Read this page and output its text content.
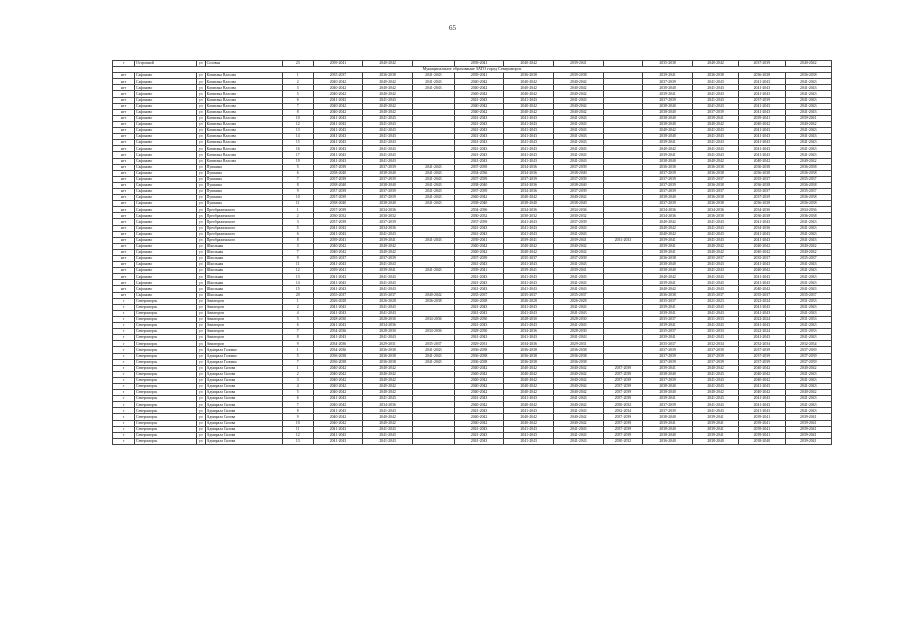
65
г	Островной	ул	Соловья	23	2039-2041	2040-2042		2039-2041	2040-2042	2039-2041		2035-2038	2040-2042	2037-2039	2040-2042
Муниципальное образование ЗАТО город Североморск															
нгт	Сафоново	ул	Капитана Власова	1	2035-2037	2036-2038	2041-2043	2039-2041	2036-2038	2039-2038		2039-2041	2036-2038	2036-2038	2036-2038
нгт	Сафоново	ул	Капитана Власова	2	2040-2042	2040-2042	2041-2043	2040-2042	2040-2042	2040-2042		2037-2039	2041-2043	2041-2043	2041-2043
нгт	Сафоново	ул	Капитана Власова	3	2040-2042	2040-2042	2041-2043	2040-2042	2040-2042	2040-2042		2038-2040	2041-2043	2041-2043	2041-2043
нгт	Сафоново	ул	Капитана Власова	5	2040-2042	2040-2042		2040-2042	2040-2042	2040-2042		2039-2041	2041-2043	2041-2043	2041-2043
нгт	Сафоново	ул	Капитана Власова	6	2041-2043	2041-2043		2041-2043	2041-2043	2041-2043		2037-2039	2041-2043	2037-2039	2041-2043
нгт	Сафоново	ул	Капитана Власова	7	2040-2042	2040-2042		2040-2042	2040-2042	2040-2042		2038-2040	2041-2043	2041-2043	2041-2043
нгт	Сафоново	ул	Капитана Власова	8	2040-2042	2040-2042		2040-2042	2040-2042	2040-2042		2038-2040	2037-2039	2041-2043	2041-2043
нгт	Сафоново	ул	Капитана Власова	10	2041-2043	2041-2043		2041-2043	2041-2043	2041-2043		2038-2040	2039-2041	2039-2041	2039-2041
нгт	Сафоново	ул	Капитана Власова	12	2041-2043	2041-2043		2041-2043	2041-2043	2041-2043		2038-2040	2040-2042	2040-2042	2040-2042
нгт	Сафоново	ул	Капитана Власова	13	2041-2043	2041-2043		2041-2043	2041-2043	2041-2043		2040-2042	2041-2043	2041-2043	2041-2043
нгт	Сафоново	ул	Капитана Власова	14	2041-2043	2041-2043		2041-2043	2041-2043	2041-2043		2038-2040	2041-2043	2041-2043	2041-2043
нгт	Сафоново	ул	Капитана Власова	15	2041-2043	2041-2043		2041-2043	2041-2043	2041-2043		2039-2041	2041-2043	2041-2043	2041-2043
нгт	Сафоново	ул	Капитана Власова	16	2041-2043	2041-2043		2041-2043	2041-2043	2041-2043		2040-2042	2041-2043	2041-2043	2041-2043
нгт	Сафоново	ул	Капитана Власова	17	2041-2043	2041-2043		2041-2043	2041-2043	2041-2043		2039-2041	2041-2043	2041-2043	2041-2043
нгт	Сафоново	ул	Капитана Власова	19	2041-2043	2041-2043		2041-2043	2041-2043	2041-2043		2038-2040	2040-2042	2040-2042	2040-2042
нгт	Сафоново	ул	Пушкина	5	2037-2039	2037-2039	2041-2043	2037-2039	2034-2036	2037-2039		2036-2038	2036-2038	2036-2038	2036-2038
нгт	Сафоново	ул	Пушкина	6	2038-2040	2038-2040	2041-2043	2034-2036	2034-2036	2038-2040		2037-2039	2036-2038	2036-2038	2036-2038
нгт	Сафоново	ул	Пушкина	7	2037-2039	2037-2039	2041-2043	2037-2039	2037-2039	2037-2039		2037-2039	2035-2037	2035-2037	2035-2037
нгт	Сафоново	ул	Пушкина	8	2038-2040	2038-2040	2041-2043	2038-2040	2034-2036	2038-2040		2037-2039	2036-2038	2036-2038	2036-2038
нгт	Сафоново	ул	Пушкина	9	2037-2039	2037-2039	2041-2043	2037-2039	2034-2036	2037-2039		2037-2039	2035-2037	2035-2037	2035-2037
нгт	Сафоново	ул	Пушкина	10	2037-2039	2037-2039	2041-2043	2040-2042	2040-2042	2040-2042		2038-2040	2036-2038	2037-2039	2036-2038
нгт	Сафоново	ул	Пушкина	11	2038-2040	2038-2040	2041-2043	2038-2040	2038-2040	2038-2040		2037-2039	2036-2038	2036-2038	2036-2038
нгт	Сафоново	ул	Преображенского	1	2037-2039	2034-2036		2034-2036	2034-2036	2034-2036		2034-2036	2034-2036	2034-2036	2034-2036
нгт	Сафоново	ул	Преображенского	2	2030-2032	2030-2032		2030-2032	2030-2032	2030-2032		2034-2036	2036-2038	2036-2038	2036-2038
нгт	Сафоново	ул	Преображенского	3	2037-2039	2037-2039		2037-2039	2041-2043	2037-2039		2040-2042	2041-2043	2041-2043	2041-2043
нгт	Сафоново	ул	Преображенского	5	2041-2043	2034-2036		2041-2043	2041-2043	2041-2043		2040-2042	2041-2043	2034-2036	2041-2043
нгт	Сафоново	ул	Преображенского	6	2041-2043	2041-2043		2041-2043	2041-2043	2041-2043		2040-2042	2041-2043	2041-2043	2041-2043
нгт	Сафоново	ул	Преображенского	8	2039-2041	2039-2041	2041-2043	2039-2041	2039-2041	2039-2041	2031-2033	2039-2041	2041-2043	2041-2043	2041-2043
нгт	Сафоново	ул	Школьная	3	2040-2042	2040-2042		2040-2042	2040-2042	2040-2042		2039-2041	2040-2042	2040-2042	2040-2042
нгт	Сафоново	ул	Школьная	7	2040-2042	2040-2042		2040-2042	2040-2042	2040-2042		2039-2041	2040-2042	2040-2042	2040-2042
нгт	Сафоново	ул	Школьная	9	2035-2037	2037-2039		2037-2039	2035-2037	2037-2039		2036-2038	2035-2037	2035-2037	2035-2037
нгт	Сафоново	ул	Школьная	11	2041-2043	2041-2043		2041-2043	2041-2043	2041-2043		2038-2040	2041-2043	2041-2043	2041-2043
нгт	Сафоново	ул	Школьная	12	2039-2041	2039-2041	2041-2043	2039-2041	2039-2041	2039-2041		2038-2040	2041-2043	2040-2042	2041-2043
нгт	Сафоново	ул	Школьная	13	2041-2043	2041-2043		2041-2043	2041-2043	2041-2043		2040-2042	2041-2043	2041-2043	2041-2043
нгт	Сафоново	ул	Школьная	14	2041-2043	2041-2043		2041-2043	2041-2043	2041-2043		2039-2041	2041-2043	2041-2043	2041-2043
нгт	Сафоново	ул	Школьная	15	2041-2043	2041-2043		2041-2043	2041-2043	2041-2043		2040-2042	2041-2043	2040-2042	2041-2043
нгт	Сафоново	ул	Школьная	20	2035-2037	2035-2037	2040-2042	2035-2037	2035-2037	2035-2037		2036-2038	2035-2037	2035-2037	2035-2037
г	Североморск	ул	Авиаторов	1	2026-2028	2026-2028	2036-2038	2026-2028	2026-2028	2026-2028		2035-2037	2021-2023	2022-2024	2031-2033
г	Североморск	ул	Авиаторов	2	2041-2043	2041-2043		2041-2043	2041-2043	2041-2043		2039-2041	2041-2043	2041-2043	2041-2043
г	Североморск	ул	Авиаторов	4	2041-2043	2041-2043		2041-2043	2041-2043	2041-2043		2039-2041	2041-2043	2041-2043	2041-2043
г	Североморск	ул	Авиаторов	5	2028-2030	2028-2030	2034-2036	2028-2030	2028-2030	2028-2030		2035-2037	2031-2033	2022-2024	2031-2033
г	Североморск	ул	Авиаторов	6	2041-2043	2034-2036		2041-2043	2041-2043	2041-2043		2039-2041	2041-2043	2041-2043	2041-2043
г	Североморск	ул	Авиаторов	7	2034-2036	2028-2030	2034-2036	2028-2030	2034-2036	2028-2030		2035-2037	2031-2033	2022-2024	2031-2033
г	Североморск	ул	Авиаторов	8	2041-2043	2041-2043		2041-2043	2041-2043	2041-2043		2039-2041	2041-2043	2041-2043	2041-2043
г	Североморск	ул	Авиаторов	9	2034-2036	2029-2031	2035-2037	2029-2031	2034-2036	2029-2031		2035-2037	2032-2034	2032-2034	2032-2034
г	Североморск	ул	Адмирала Головко	1	2034-2036	2036-2038	2041-2043	2036-2038	2036-2038	2036-2038		2037-2039	2037-2039	2037-2039	2037-2039
г	Североморск	ул	Адмирала Головко	5	2036-2038	2036-2038	2041-2043	2036-2038	2036-2038	2036-2038		2037-2039	2037-2039	2037-2039	2037-2039
г	Североморск	ул	Адмирала Головко	7	2036-2038	2036-2038	2041-2043	2036-2038	2036-2038	2036-2038		2037-2039	2037-2039	2037-2039	2037-2039
г	Североморск	ул	Адмирала Сизова	1	2040-2042	2040-2042		2040-2042	2040-2042	2040-2042	2037-2039	2039-2041	2040-2042	2040-2042	2040-2042
г	Североморск	ул	Адмирала Сизова	2	2040-2042	2040-2042		2040-2042	2040-2042	2040-2042	2037-2039	2038-2040	2041-2043	2040-2042	2041-2043
г	Североморск	ул	Адмирала Сизова	3	2040-2042	2040-2042		2040-2042	2040-2042	2040-2042	2037-2039	2037-2039	2041-2043	2040-2042	2041-2043
г	Североморск	ул	Адмирала Сизова	4	2040-2042	2040-2042		2040-2042	2040-2042	2040-2042	2037-2039	2038-2040	2041-2043	2041-2043	2041-2043
г	Североморск	ул	Адмирала Сизова	5	2040-2042	2040-2042		2040-2042	2040-2042	2040-2042	2037-2039	2038-2040	2040-2042	2040-2042	2040-2042
г	Североморск	ул	Адмирала Сизова	6	2041-2043	2041-2043		2041-2043	2041-2043	2041-2043	2037-2039	2039-2041	2041-2043	2041-2043	2041-2043
г	Североморск	ул	Адмирала Сизова	7	2040-2042	2034-2036		2040-2042	2040-2042	2040-2042	2030-2032	2037-2039	2041-2043	2041-2043	2041-2043
г	Североморск	ул	Адмирала Сизова	8	2041-2043	2041-2043		2041-2043	2041-2043	2041-2043	2032-2034	2037-2039	2041-2043	2041-2043	2041-2043
г	Североморск	ул	Адмирала Сизова	9	2040-2042	2040-2042		2040-2042	2040-2042	2040-2042	2037-2039	2038-2040	2039-2041	2039-2041	2039-2041
г	Североморск	ул	Адмирала Сизова	10	2040-2042	2040-2042		2040-2042	2040-2042	2040-2042	2037-2039	2039-2041	2039-2041	2039-2041	2039-2041
г	Североморск	ул	Адмирала Сизова	11	2041-2043	2041-2043		2041-2043	2041-2043	2041-2043	2037-2039	2038-2040	2039-2041	2039-2041	2039-2041
г	Североморск	ул	Адмирала Сизова	12	2041-2043	2041-2043		2041-2043	2041-2043	2041-2043	2037-2039	2038-2040	2039-2041	2039-2041	2039-2041
г	Североморск	ул	Адмирала Сизова	13	2041-2043	2041-2043		2041-2043	2041-2043	2041-2043	2030-2032	2036-2040	2038-2040	2038-2040	2039-2041
